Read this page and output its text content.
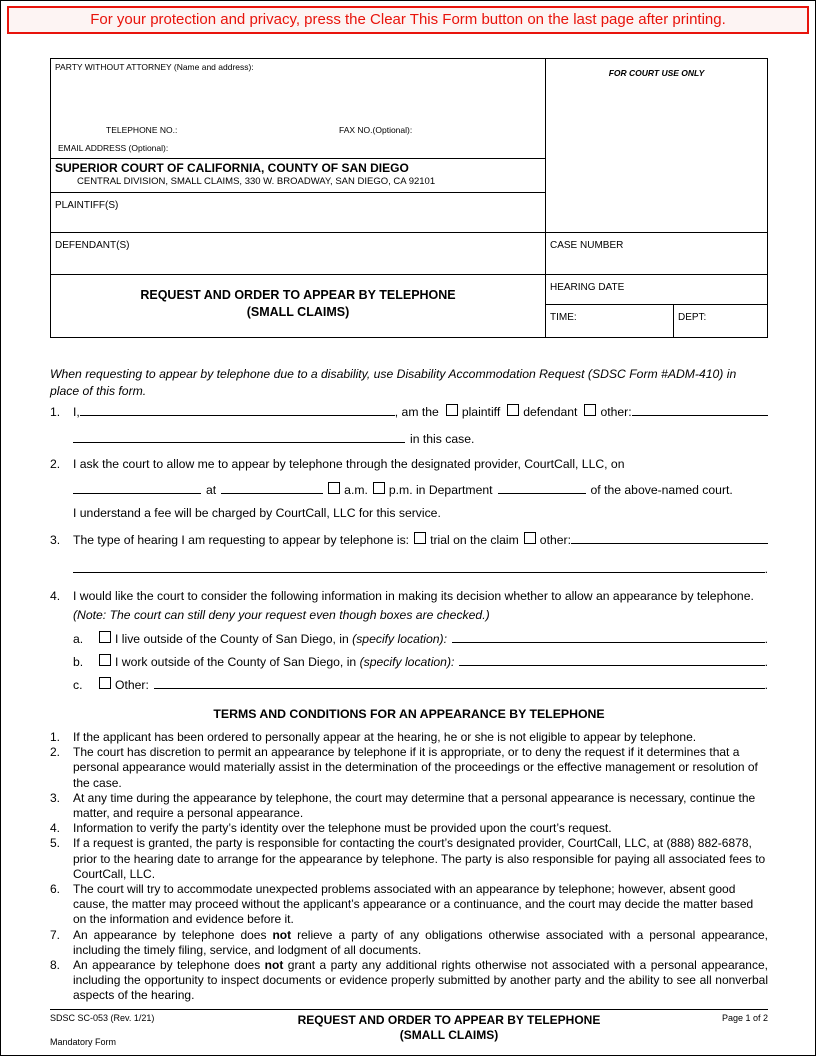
For your protection and privacy, press the Clear This Form button on the last page after printing.
PARTY WITHOUT ATTORNEY (Name and address):
TELEPHONE NO.:	FAX NO.(Optional):
EMAIL ADDRESS (Optional):
SUPERIOR COURT OF CALIFORNIA, COUNTY OF SAN DIEGO
CENTRAL DIVISION, SMALL CLAIMS, 330 W. BROADWAY, SAN DIEGO, CA 92101
PLAINTIFF(S)
DEFENDANT(S)
REQUEST AND ORDER TO APPEAR BY TELEPHONE
(SMALL CLAIMS)
FOR COURT USE ONLY
CASE NUMBER
HEARING DATE
TIME:	DEPT:

When requesting to appear by telephone due to a disability, use Disability Accommodation Request (SDSC Form #ADM-410) in place of this form.

1.	I,	, am the plaintiff defendant other:
in this case.
2.	I ask the court to allow me to appear by telephone through the designated provider, CourtCall, LLC, on
at	a.m. p.m. in Department	of the above-named court.
I understand a fee will be charged by CourtCall, LLC for this service.
3.	The type of hearing I am requesting to appear by telephone is: trial on the claim other:
.
4.	I would like the court to consider the following information in making its decision whether to allow an appearance by telephone. (Note: The court can still deny your request even though boxes are checked.)

a.	I live outside of the County of San Diego, in
(specify location):	.
b.	I work outside of the County of San Diego, in
(specify location):	.
c.	Other:	.
TERMS AND CONDITIONS FOR AN APPEARANCE BY TELEPHONE
1.	If the applicant has been ordered to personally appear at the hearing, he or she is not eligible to appear by telephone.

2.	The court has discretion to permit an appearance by telephone if it is appropriate, or to deny the request if it determines that a personal appearance would materially assist in the determination of the proceedings or the effective management or resolution of the case.

3.	At any time during the appearance by telephone, the court may determine that a personal appearance is necessary, continue the matter, and require a personal appearance.

4.	Information to verify the party’s identity over the telephone must be provided upon the court’s request.

5.	If a request is granted, the party is responsible for contacting the court’s designated provider, CourtCall, LLC, at (888) 882-6878, prior to the hearing date to arrange for the appearance by telephone. The party is also responsible for paying all associated fees to CourtCall, LLC.

6.	The court will try to accommodate unexpected problems associated with an appearance by telephone; however, absent good cause, the matter may proceed without the applicant’s appearance or a continuance, and the court may decide the matter based on the information and evidence before it.

7.	An appearance by telephone does not relieve a party of any obligations otherwise associated with a personal appearance, including the timely filing, service, and lodgment of all documents.

8.	An appearance by telephone does not grant a party any additional rights otherwise not associated with a personal appearance, including the opportunity to inspect documents or evidence properly submitted by another party and the ability to see all nonverbal aspects of the hearing.

SDSC SC-053 (Rev. 1/21)
Mandatory Form
REQUEST AND ORDER TO APPEAR BY TELEPHONE
(SMALL CLAIMS)
Page 1 of 2
